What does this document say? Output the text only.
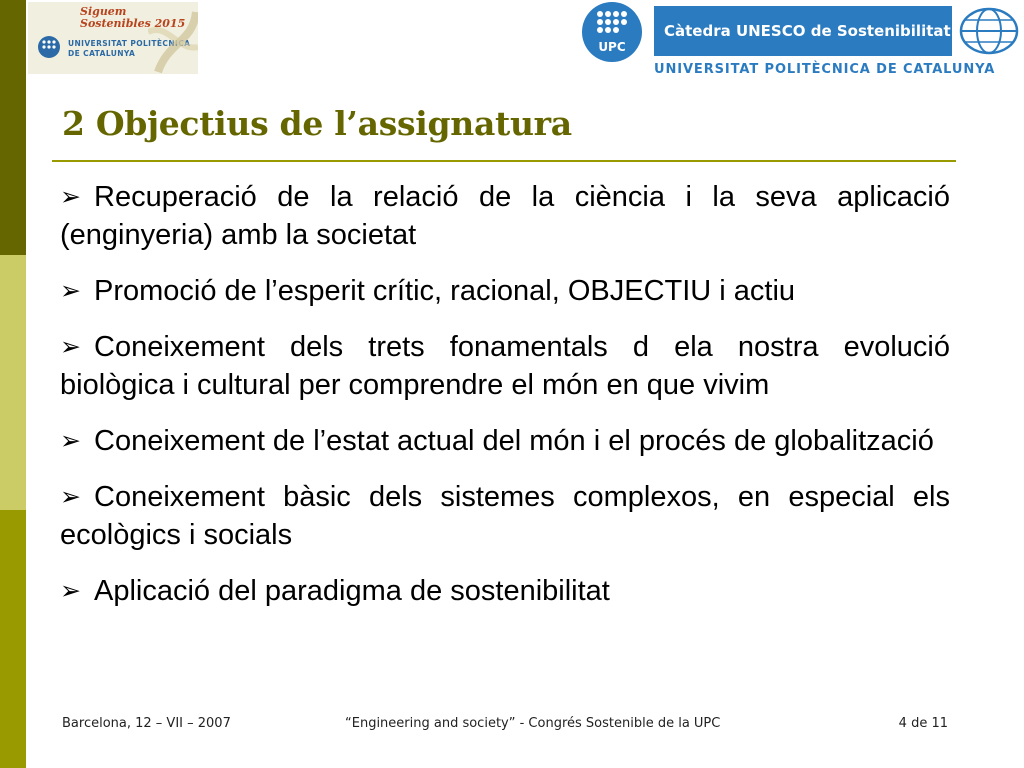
Siguem
Sostenibles 2015
UNIVERSITAT POLITÈCNICA
DE CATALUNYA	UPC
Càtedra UNESCO de Sostenibilitat
UNIVERSITAT POLITÈCNICA DE CATALUNYA
2 Objectius de l’assignatura
➢ Recuperació de la relació de la ciència i la seva aplicació (enginyeria) amb la societat
➢ Promoció de l’esperit crític, racional, OBJECTIU i actiu
➢ Coneixement dels trets fonamentals d ela nostra evolució biològica i cultural per comprendre el món en que vivim
➢ Coneixement de l’estat actual del món i el procés de globalització
➢ Coneixement bàsic dels sistemes complexos, en especial els ecològics i socials
➢ Aplicació del paradigma de sostenibilitat
Barcelona, 12 – VII – 2007	“Engineering and society” - Congrés Sostenible de la UPC	4 de 11
